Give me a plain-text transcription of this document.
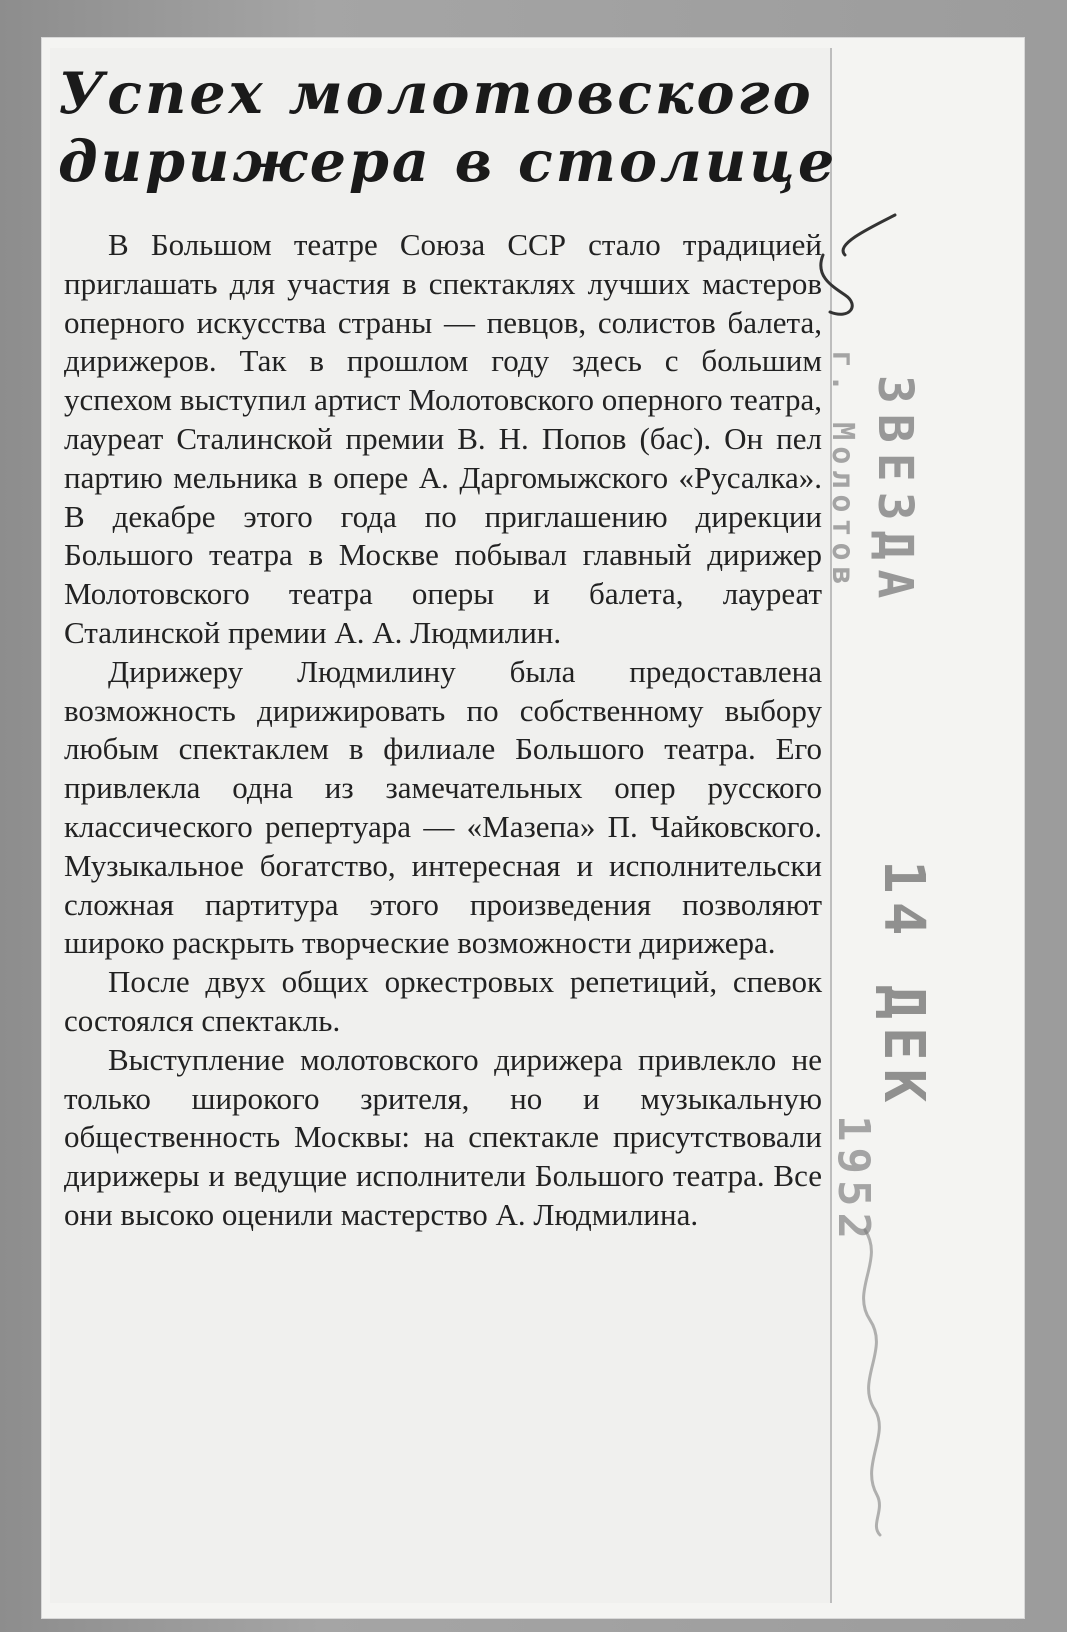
Успех молотовского
дирижера в столице

В Большом театре Союза ССР стало традицией приглашать для участия в спектаклях лучших мастеров оперного искусства страны — певцов, солистов балета, дирижеров. Так в прошлом году здесь с большим успехом выступил артист Молотовского оперного театра, лауреат Сталинской премии В. Н. Попов (бас). Он пел партию мельника в опере А. Даргомыжского «Русалка». В декабре этого года по приглашению дирекции Большого театра в Москве побывал главный дирижер Молотовского театра оперы и балета, лауреат Сталинской премии А. А. Людмилин.

Дирижеру Людмилину была предоставлена возможность дирижировать по собственному выбору любым спектаклем в филиале Большого театра. Его привлекла одна из замечательных опер русского классического репертуара — «Мазепа» П. Чайковского. Музыкальное богатство, интересная и исполнительски сложная партитура этого произведения позволяют широко раскрыть творческие возможности дирижера.

После двух общих оркестровых репетиций, спевок состоялся спектакль.

Выступление молотовского дирижера привлекло не только широкого зрителя, но и музыкальную общественность Москвы: на спектакле присутствовали дирижеры и ведущие исполнители Большого театра. Все они высоко оценили мастерство А. Людмилина.

ЗВЕЗДА
г. Молотов
14 ДЕК
1952
